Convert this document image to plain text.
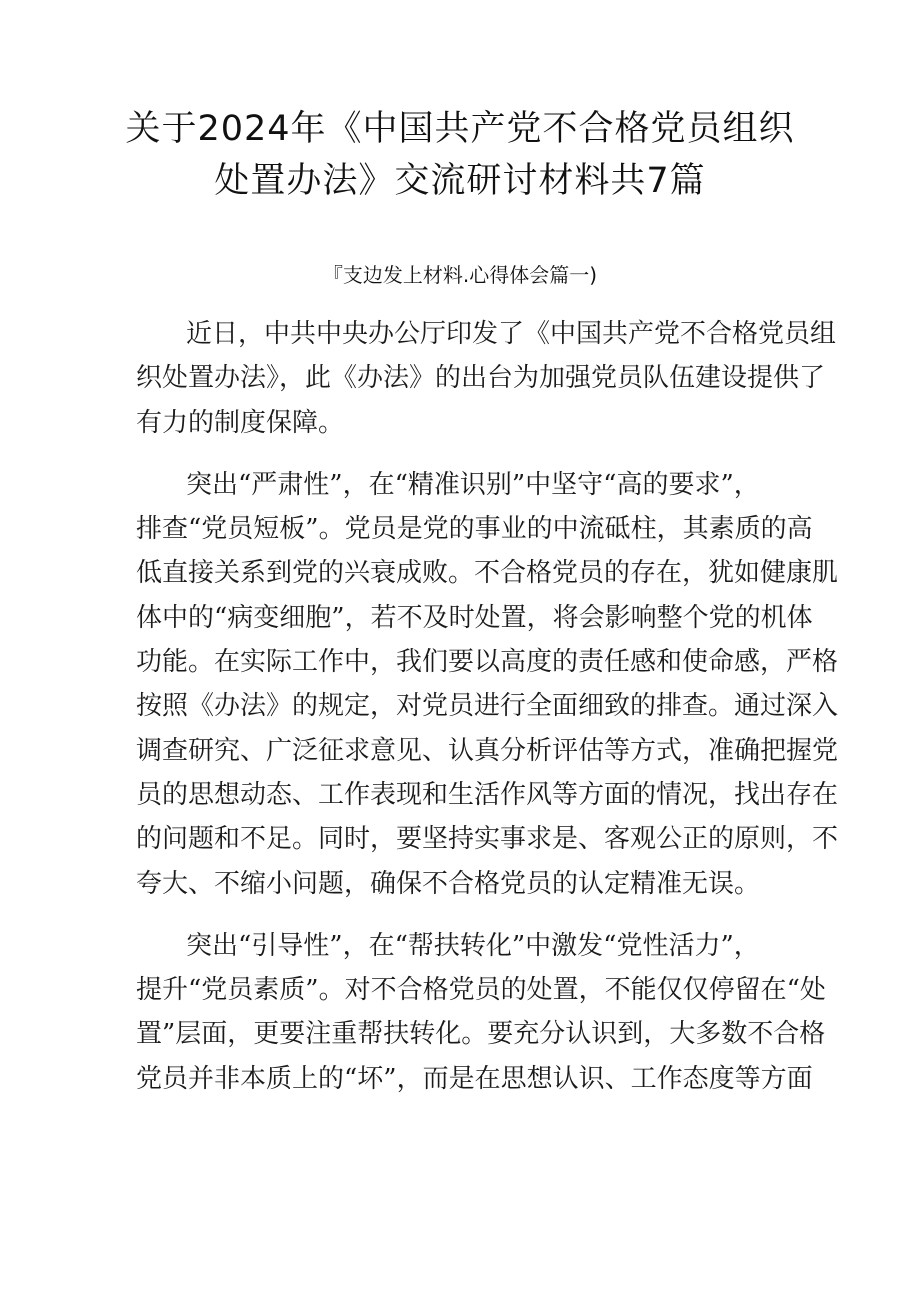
关于2024年《中国共产党不合格党员组织
处置办法》交流研讨材料共7篇
『支边发上材料.心得体会篇一)

近日，中共中央办公厅印发了《中国共产党不合格党员组
织处置办法》，此《办法》的出台为加强党员队伍建设提供了
有力的制度保障。

突出“严肃性”，在“精准识别”中坚守“高的要求”，
排查“党员短板”。党员是党的事业的中流砥柱，其素质的高
低直接关系到党的兴衰成败。不合格党员的存在，犹如健康肌
体中的“病变细胞”，若不及时处置，将会影响整个党的机体
功能。在实际工作中，我们要以高度的责任感和使命感，严格
按照《办法》的规定，对党员进行全面细致的排查。通过深入
调查研究、广泛征求意见、认真分析评估等方式，准确把握党
员的思想动态、工作表现和生活作风等方面的情况，找出存在
的问题和不足。同时，要坚持实事求是、客观公正的原则，不
夸大、不缩小问题，确保不合格党员的认定精准无误。

突出“引导性”，在“帮扶转化”中激发“党性活力”，
提升“党员素质”。对不合格党员的处置，不能仅仅停留在“处
置”层面，更要注重帮扶转化。要充分认识到，大多数不合格
党员并非本质上的“坏”，而是在思想认识、工作态度等方面
